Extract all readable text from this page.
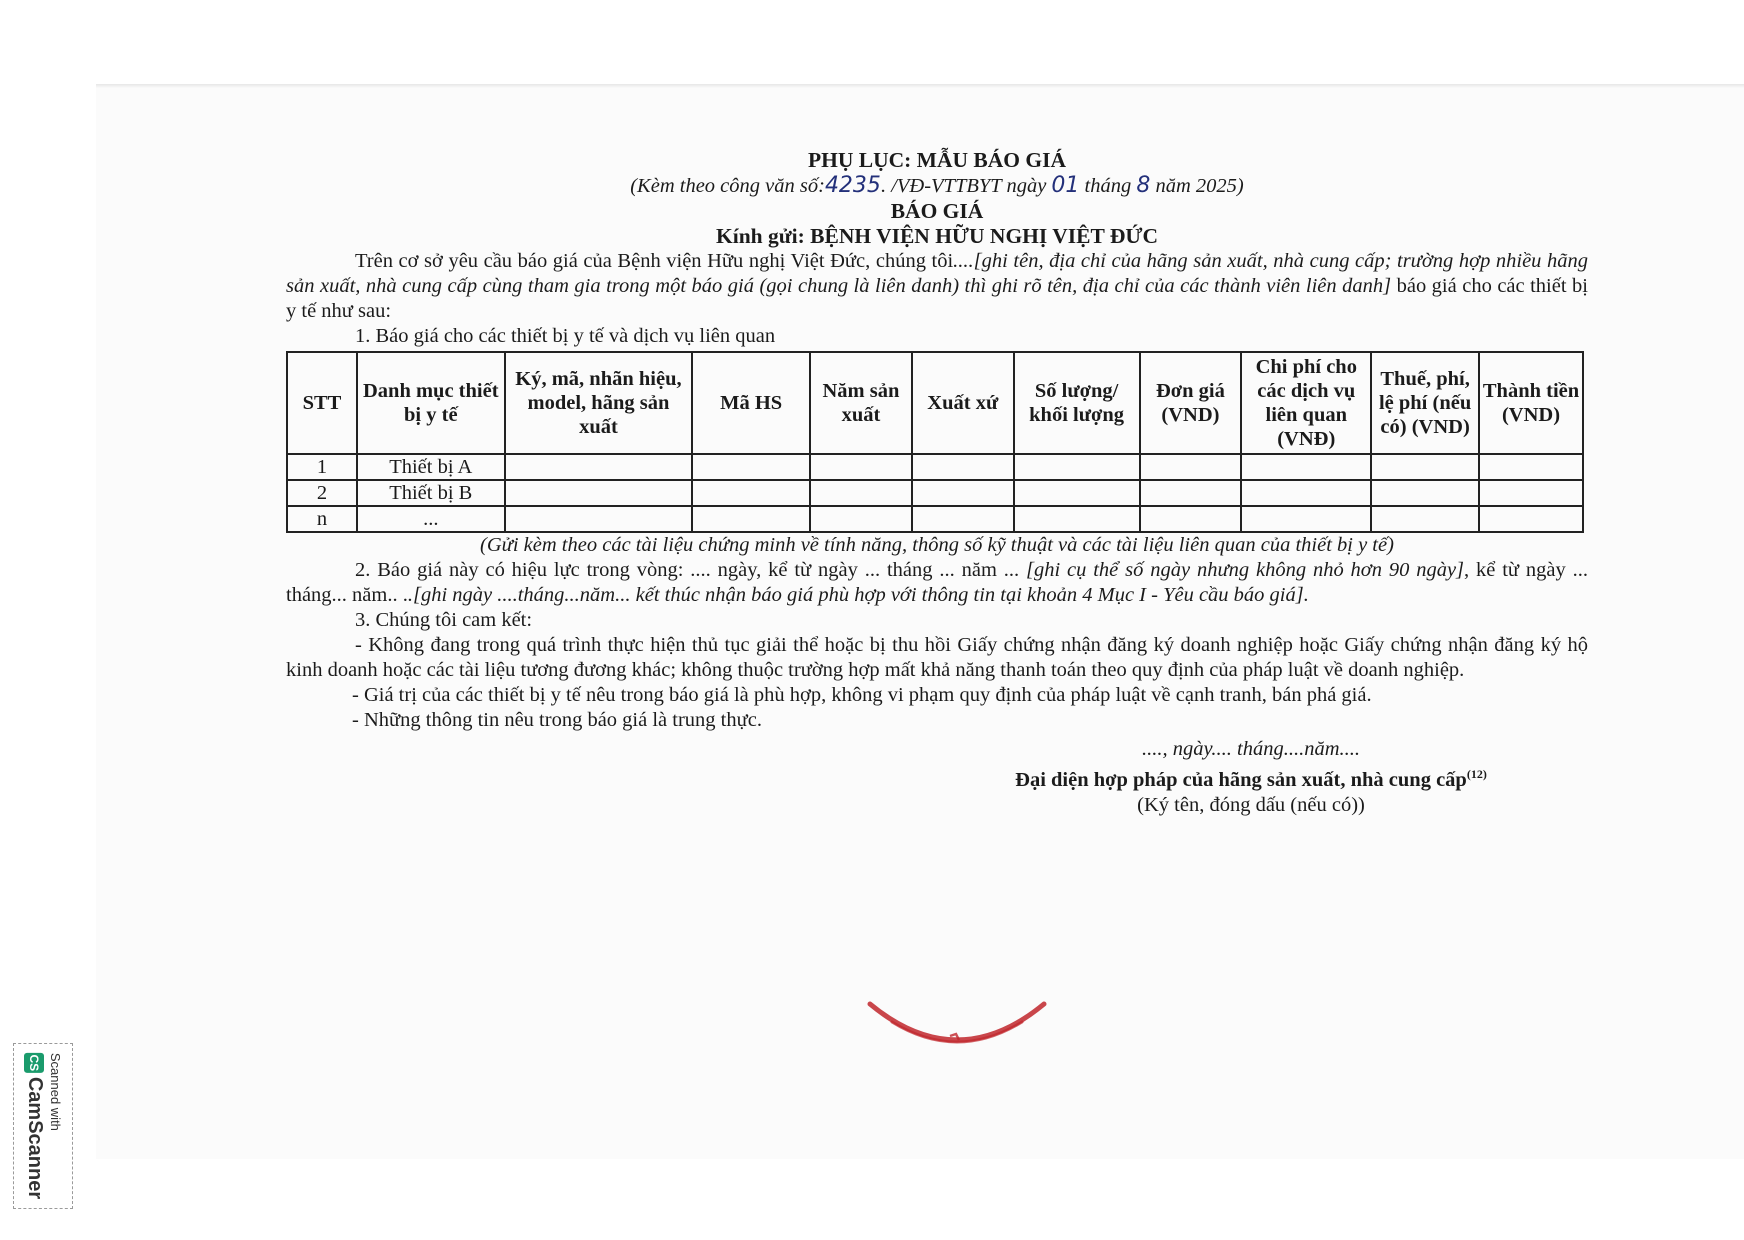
PHỤ LỤC: MẪU BÁO GIÁ
(Kèm theo công văn số:4235. /VĐ-VTTBYT ngày 01 tháng 8 năm 2025)
BÁO GIÁ
Kính gửi: BỆNH VIỆN HỮU NGHỊ VIỆT ĐỨC

Trên cơ sở yêu cầu báo giá của Bệnh viện Hữu nghị Việt Đức, chúng tôi....[ghi tên, địa chỉ của hãng sản xuất, nhà cung cấp; trường hợp nhiều hãng sản xuất, nhà cung cấp cùng tham gia trong một báo giá (gọi chung là liên danh) thì ghi rõ tên, địa chỉ của các thành viên liên danh] báo giá cho các thiết bị y tế như sau:

1. Báo giá cho các thiết bị y tế và dịch vụ liên quan

STT	Danh mục thiết bị y tế	Ký, mã, nhãn hiệu, model, hãng sản xuất	Mã HS	Năm sản xuất	Xuất xứ	Số lượng/ khối lượng	Đơn giá (VND)	Chi phí cho các dịch vụ liên quan (VNĐ)	Thuế, phí, lệ phí (nếu có) (VND)	Thành tiền (VND)
1	Thiết bị A									
2	Thiết bị B									
n	...									

(Gửi kèm theo các tài liệu chứng minh về tính năng, thông số kỹ thuật và các tài liệu liên quan của thiết bị y tế)

2. Báo giá này có hiệu lực trong vòng: .... ngày, kể từ ngày ... tháng ... năm ... [ghi cụ thể số ngày nhưng không nhỏ hơn 90 ngày], kể từ ngày ... tháng... năm.. ..[ghi ngày ....tháng...năm... kết thúc nhận báo giá phù hợp với thông tin tại khoản 4 Mục I - Yêu cầu báo giá].

3. Chúng tôi cam kết:

- Không đang trong quá trình thực hiện thủ tục giải thể hoặc bị thu hồi Giấy chứng nhận đăng ký doanh nghiệp hoặc Giấy chứng nhận đăng ký hộ kinh doanh hoặc các tài liệu tương đương khác; không thuộc trường hợp mất khả năng thanh toán theo quy định của pháp luật về doanh nghiệp.

- Giá trị của các thiết bị y tế nêu trong báo giá là phù hợp, không vi phạm quy định của pháp luật về cạnh tranh, bán phá giá.

- Những thông tin nêu trong báo giá là trung thực.

...., ngày.... tháng....năm....
Đại diện hợp pháp của hãng sản xuất, nhà cung cấp$^{(12)}$
(Ký tên, đóng dấu (nếu có))
Scanned with
CSCamScanner
